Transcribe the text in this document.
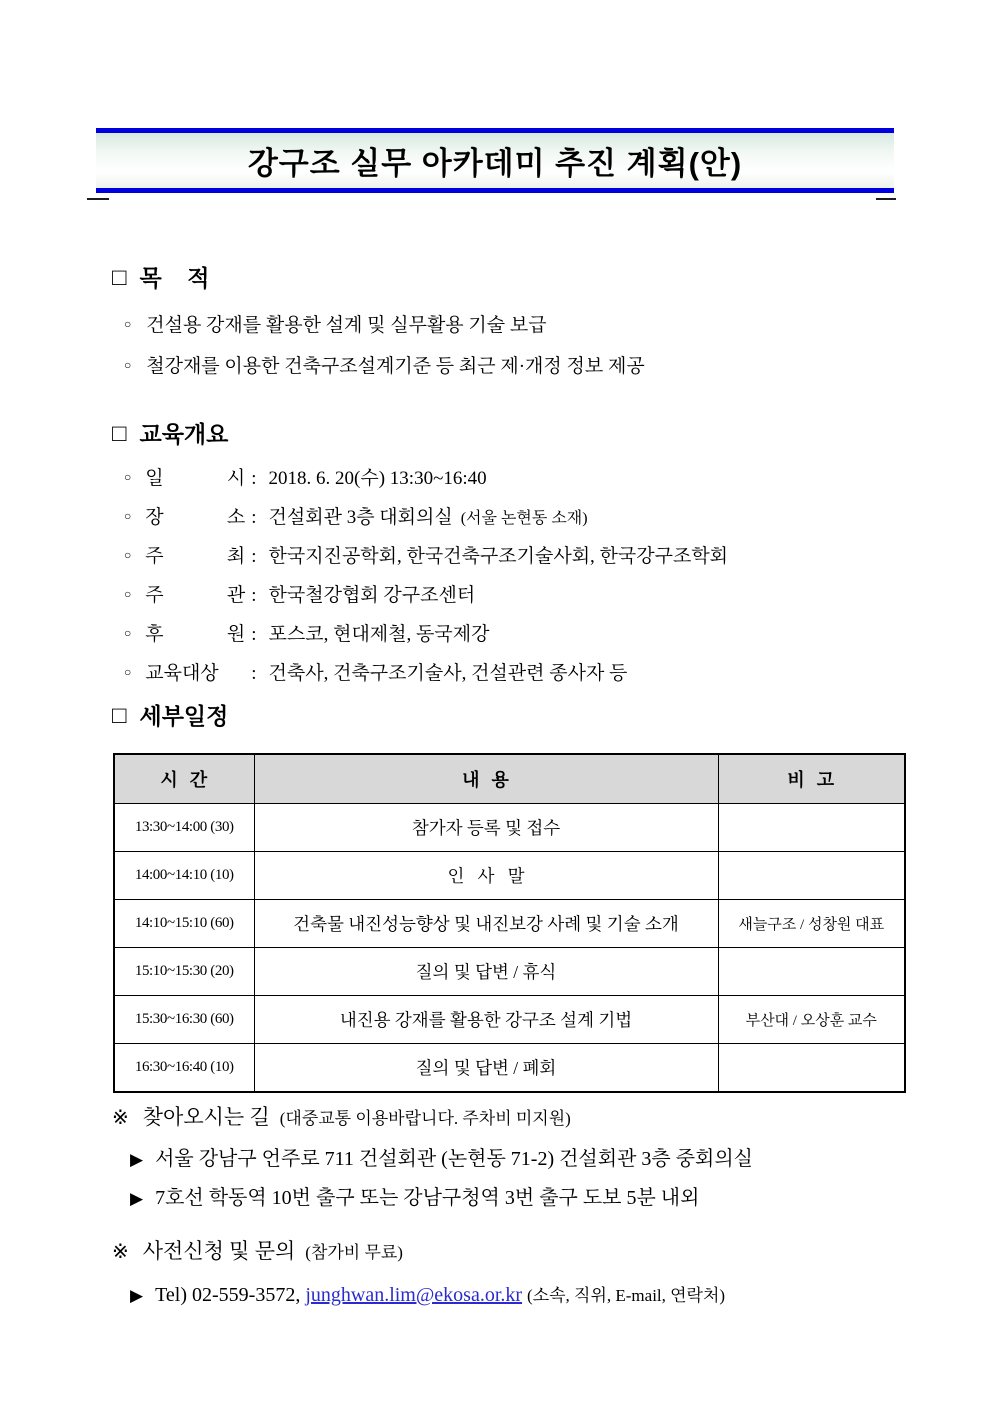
강구조 실무 아카데미 추진 계획(안)
□ 목    적
○ 건설용 강재를 활용한 설계 및 실무활용 기술 보급
○ 철강재를 이용한 건축구조설계기준 등 최근 제·개정 정보 제공
□ 교육개요
○ 일 시 : 2018. 6. 20(수) 13:30~16:40
○ 장 소 : 건설회관 3층 대회의실 (서울 논현동 소재)
○ 주 최 : 한국지진공학회, 한국건축구조기술사회, 한국강구조학회
○ 주 관 : 한국철강협회 강구조센터
○ 후 원 : 포스코, 현대제철, 동국제강
○ 교육대상	: 건축사, 건축구조기술사, 건설관련 종사자 등
□ 세부일정
시  간	내  용	비  고
13:30~14:00 (30)	참가자 등록 및 접수	
14:00~14:10 (10)	인   사   말	
14:10~15:10 (60)	건축물 내진성능향상 및 내진보강 사례 및 기술 소개	새늘구조 / 성창원 대표
15:10~15:30 (20)	질의 및 답변 / 휴식	
15:30~16:30 (60)	내진용 강재를 활용한 강구조 설계 기법	부산대 / 오상훈 교수
16:30~16:40 (10)	질의 및 답변 / 폐회	
※ 찾아오시는 길 (대중교통 이용바랍니다. 주차비 미지원)
▶ 서울 강남구 언주로 711 건설회관 (논현동 71-2) 건설회관 3층 중회의실
▶ 7호선 학동역 10번 출구 또는 강남구청역 3번 출구 도보 5분 내외
※ 사전신청 및 문의 (참가비 무료)
▶ Tel) 02-559-3572,
junghwan.lim@ekosa.or.kr
(소속, 직위, E-mail, 연락처)
